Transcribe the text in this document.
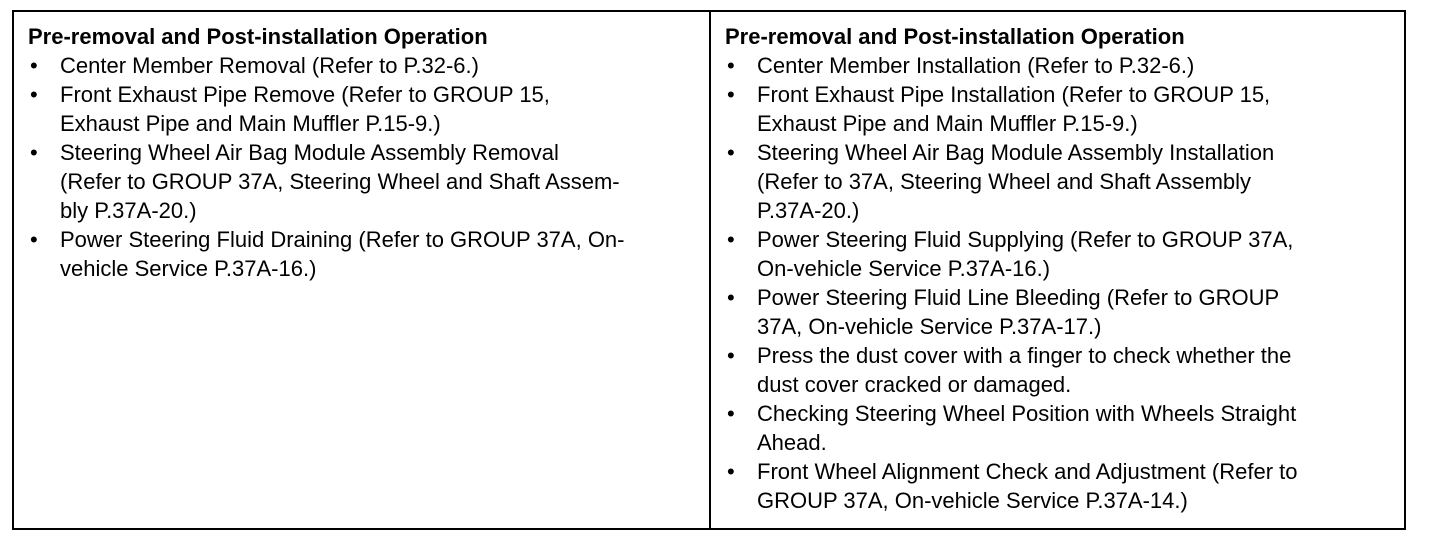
Pre-removal and Post-installation Operation
•	Center Member Removal (Refer to P.32-6.)
•	Front Exhaust Pipe Remove (Refer to GROUP 15,
Exhaust Pipe and Main Muffler P.15-9.)
•	Steering Wheel Air Bag Module Assembly Removal
(Refer to GROUP 37A, Steering Wheel and Shaft Assem-
bly P.37A-20.)
•	Power Steering Fluid Draining (Refer to GROUP 37A, On-
vehicle Service P.37A-16.)
Pre-removal and Post-installation Operation
•	Center Member Installation (Refer to P.32-6.)
•	Front Exhaust Pipe Installation (Refer to GROUP 15,
Exhaust Pipe and Main Muffler P.15-9.)
•	Steering Wheel Air Bag Module Assembly Installation
(Refer to 37A, Steering Wheel and Shaft Assembly
P.37A-20.)
•	Power Steering Fluid Supplying (Refer to GROUP 37A,
On-vehicle Service P.37A-16.)
•	Power Steering Fluid Line Bleeding (Refer to GROUP
37A, On-vehicle Service P.37A-17.)
•	Press the dust cover with a finger to check whether the
dust cover cracked or damaged.
•	Checking Steering Wheel Position with Wheels Straight
Ahead.
•	Front Wheel Alignment Check and Adjustment (Refer to
GROUP 37A, On-vehicle Service P.37A-14.)
